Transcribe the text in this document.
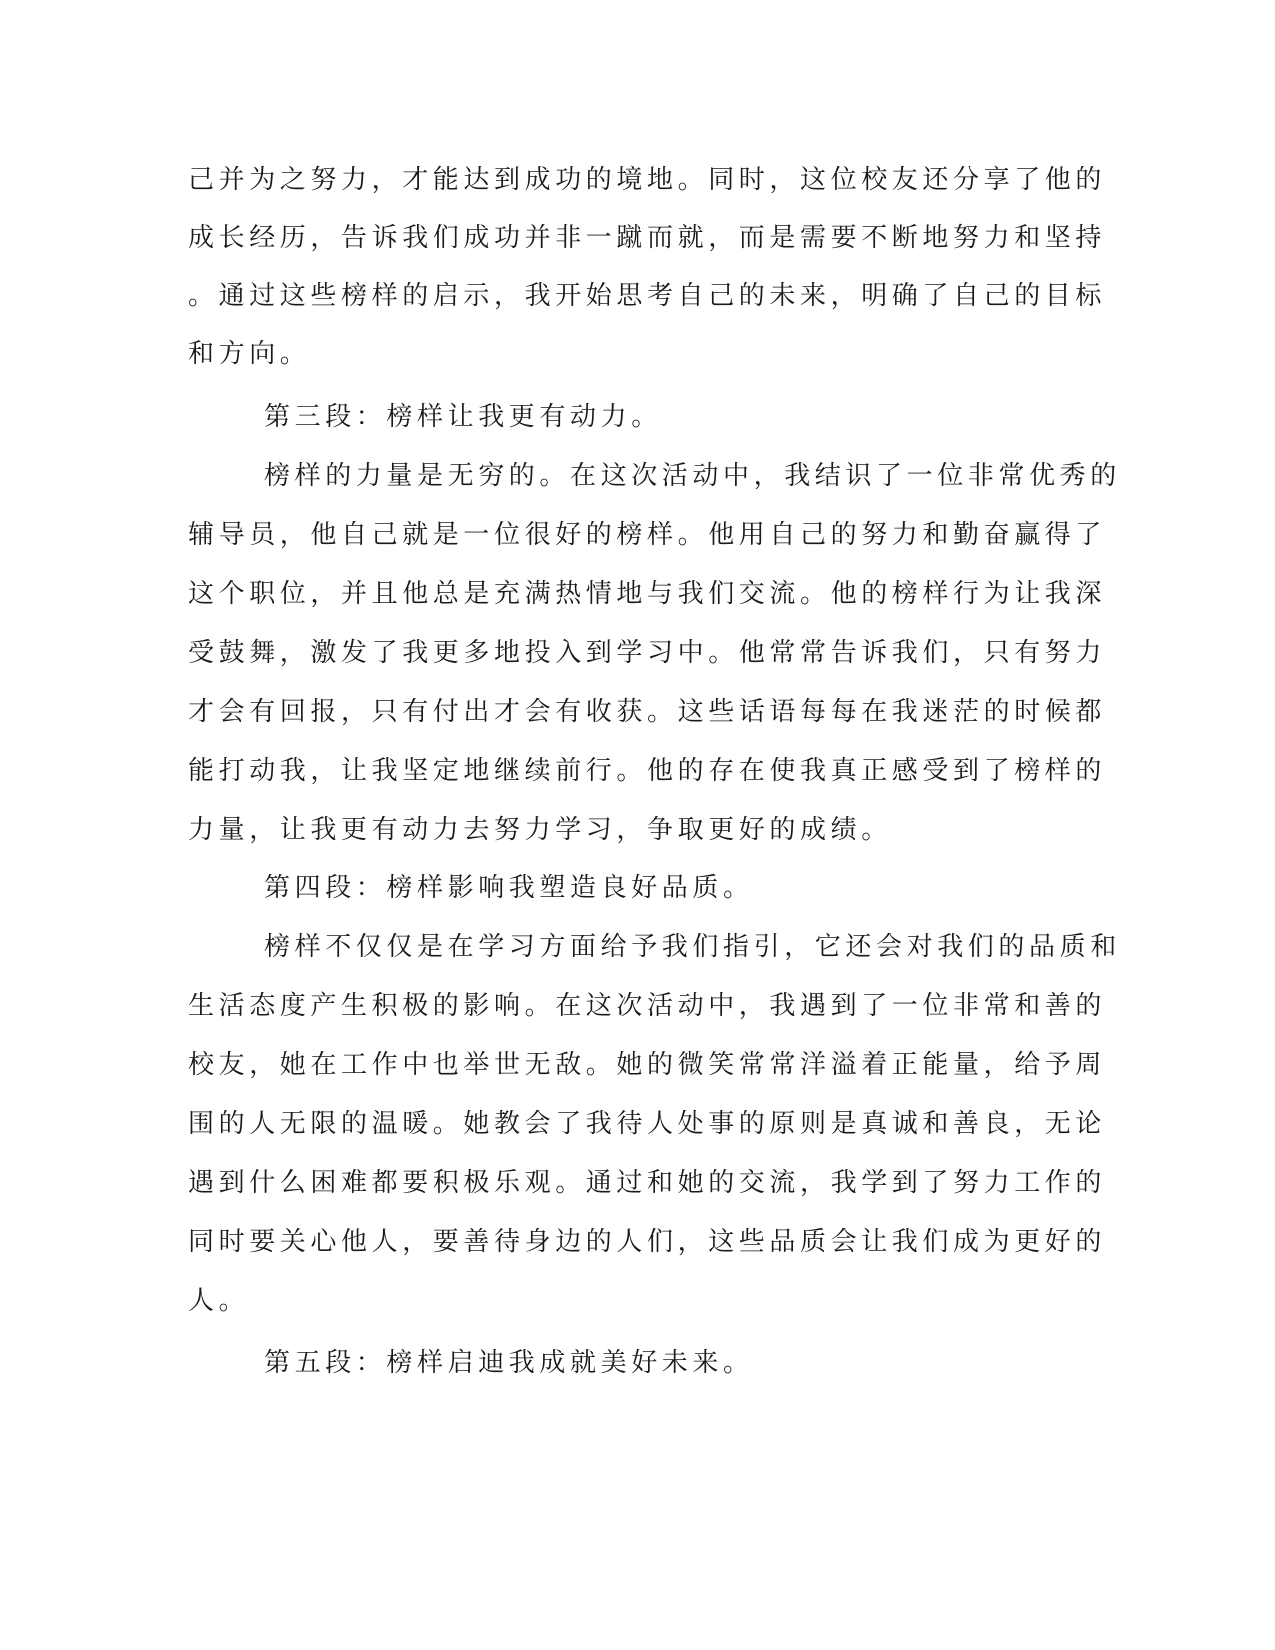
己并为之努力，才能达到成功的境地。同时，这位校友还分享了他的
成长经历，告诉我们成功并非一蹴而就，而是需要不断地努力和坚持
。通过这些榜样的启示，我开始思考自己的未来，明确了自己的目标
和方向。
第三段：榜样让我更有动力。
榜样的力量是无穷的。在这次活动中，我结识了一位非常优秀的
辅导员，他自己就是一位很好的榜样。他用自己的努力和勤奋赢得了
这个职位，并且他总是充满热情地与我们交流。他的榜样行为让我深
受鼓舞，激发了我更多地投入到学习中。他常常告诉我们，只有努力
才会有回报，只有付出才会有收获。这些话语每每在我迷茫的时候都
能打动我，让我坚定地继续前行。他的存在使我真正感受到了榜样的
力量，让我更有动力去努力学习，争取更好的成绩。
第四段：榜样影响我塑造良好品质。
榜样不仅仅是在学习方面给予我们指引，它还会对我们的品质和
生活态度产生积极的影响。在这次活动中，我遇到了一位非常和善的
校友，她在工作中也举世无敌。她的微笑常常洋溢着正能量，给予周
围的人无限的温暖。她教会了我待人处事的原则是真诚和善良，无论
遇到什么困难都要积极乐观。通过和她的交流，我学到了努力工作的
同时要关心他人，要善待身边的人们，这些品质会让我们成为更好的
人。
第五段：榜样启迪我成就美好未来。
